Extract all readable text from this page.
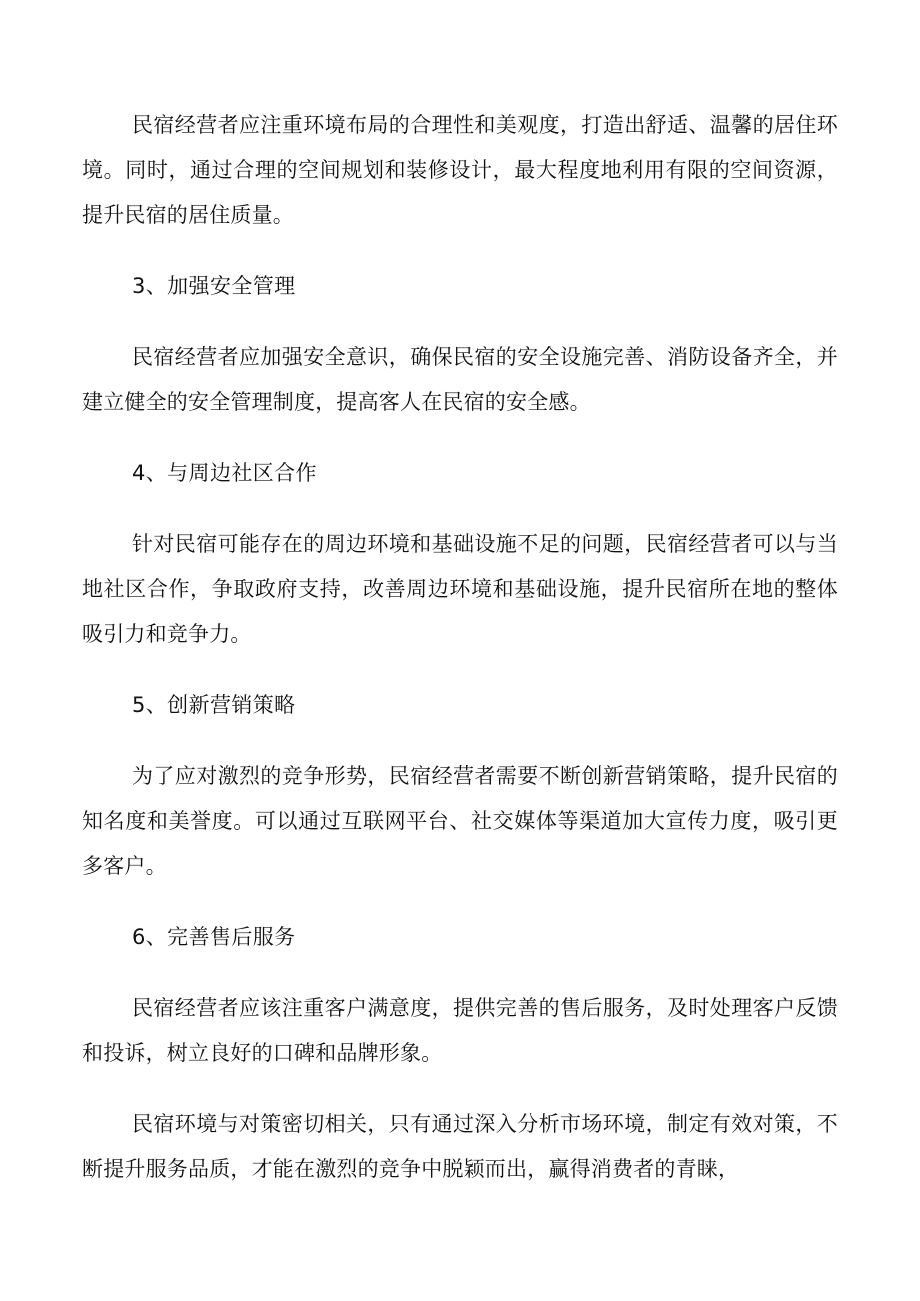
民宿经营者应注重环境布局的合理性和美观度，打造出舒适、温馨的居住环境。同时，通过合理的空间规划和装修设计，最大程度地利用有限的空间资源，提升民宿的居住质量。

3、加强安全管理

民宿经营者应加强安全意识，确保民宿的安全设施完善、消防设备齐全，并建立健全的安全管理制度，提高客人在民宿的安全感。

4、与周边社区合作

针对民宿可能存在的周边环境和基础设施不足的问题，民宿经营者可以与当地社区合作，争取政府支持，改善周边环境和基础设施，提升民宿所在地的整体吸引力和竞争力。

5、创新营销策略

为了应对激烈的竞争形势，民宿经营者需要不断创新营销策略，提升民宿的知名度和美誉度。可以通过互联网平台、社交媒体等渠道加大宣传力度，吸引更多客户。

6、完善售后服务

民宿经营者应该注重客户满意度，提供完善的售后服务，及时处理客户反馈和投诉，树立良好的口碑和品牌形象。

民宿环境与对策密切相关，只有通过深入分析市场环境，制定有效对策，不断提升服务品质，才能在激烈的竞争中脱颖而出，赢得消费者的青睐，
